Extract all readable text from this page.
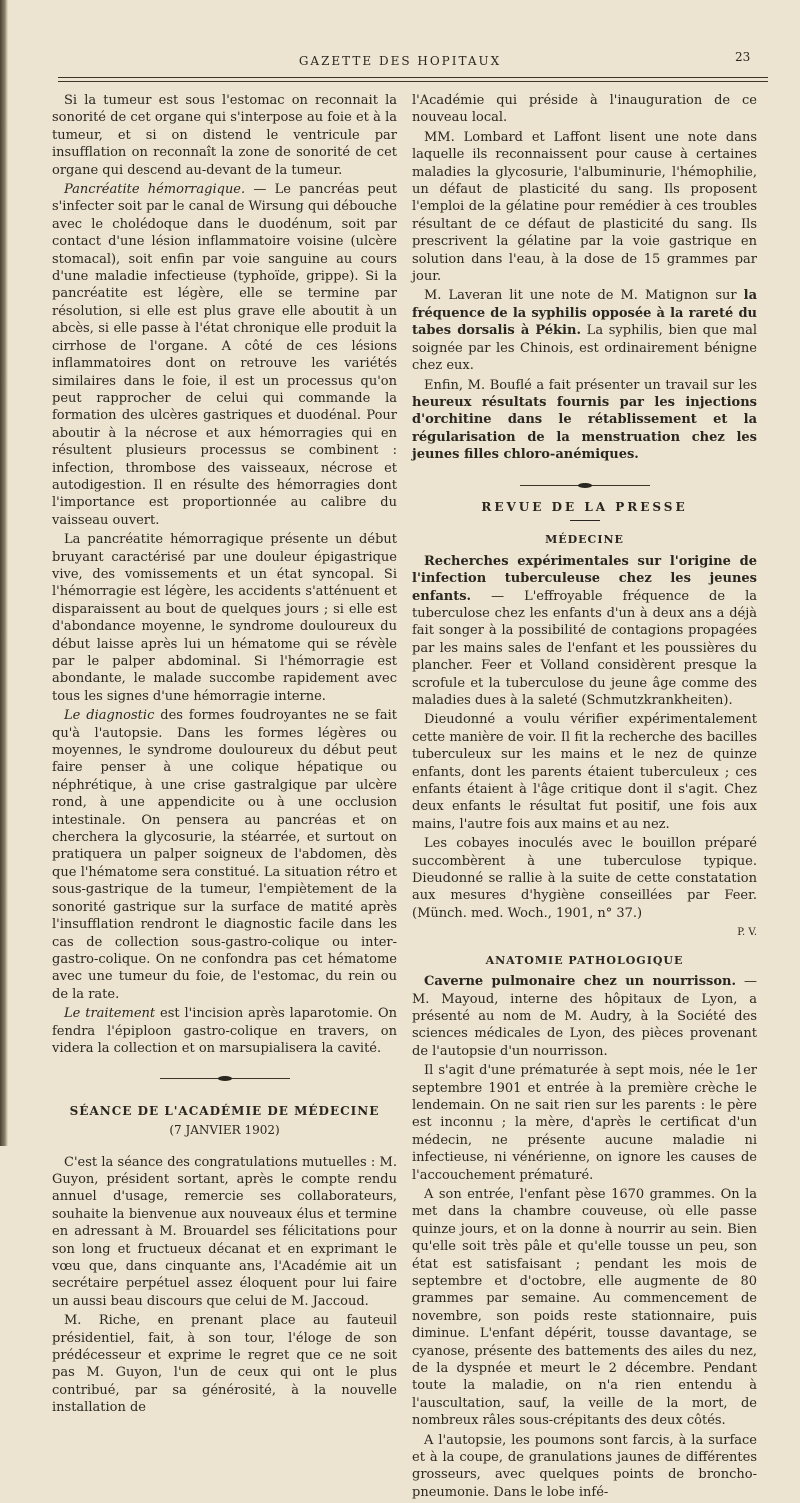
GAZETTE DES HOPITAUX	23

Si la tumeur est sous l'estomac on reconnait la sonorité de cet organe qui s'interpose au foie et à la tumeur, et si on distend le ventricule par insufflation on reconnaît la zone de sonorité de cet organe qui descend au-devant de la tumeur.

Pancréatite hémorragique. — Le pancréas peut s'infecter soit par le canal de Wirsung qui débouche avec le cholédoque dans le duodénum, soit par contact d'une lésion inflammatoire voisine (ulcère stomacal), soit enfin par voie sanguine au cours d'une maladie infectieuse (typhoïde, grippe). Si la pancréatite est légère, elle se termine par résolution, si elle est plus grave elle aboutit à un abcès, si elle passe à l'état chronique elle produit la cirrhose de l'organe. A côté de ces lésions inflammatoires dont on retrouve les variétés similaires dans le foie, il est un processus qu'on peut rapprocher de celui qui commande la formation des ulcères gastriques et duodénal. Pour aboutir à la nécrose et aux hémorragies qui en résultent plusieurs processus se combinent : infection, thrombose des vaisseaux, nécrose et autodigestion. Il en résulte des hémorragies dont l'importance est proportionnée au calibre du vaisseau ouvert.

La pancréatite hémorragique présente un début bruyant caractérisé par une douleur épigastrique vive, des vomissements et un état syncopal. Si l'hémorragie est légère, les accidents s'atténuent et disparaissent au bout de quelques jours ; si elle est d'abondance moyenne, le syndrome douloureux du début laisse après lui un hématome qui se révèle par le palper abdominal. Si l'hémorragie est abondante, le malade succombe rapidement avec tous les signes d'une hémorragie interne.

Le diagnostic des formes foudroyantes ne se fait qu'à l'autopsie. Dans les formes légères ou moyennes, le syndrome douloureux du début peut faire penser à une colique hépatique ou néphrétique, à une crise gastralgique par ulcère rond, à une appendicite ou à une occlusion intestinale. On pensera au pancréas et on cherchera la glycosurie, la stéarrée, et surtout on pratiquera un palper soigneux de l'abdomen, dès que l'hématome sera constitué. La situation rétro et sous-gastrique de la tumeur, l'empiètement de la sonorité gastrique sur la surface de matité après l'insufflation rendront le diagnostic facile dans les cas de collection sous-gastro-colique ou inter-gastro-colique. On ne confondra pas cet hématome avec une tumeur du foie, de l'estomac, du rein ou de la rate.

Le traitement est l'incision après laparotomie. On fendra l'épiploon gastro-colique en travers, on videra la collection et on marsupialisera la cavité.

SÉANCE DE L'ACADÉMIE DE MÉDECINE
(7 JANVIER 1902)

C'est la séance des congratulations mutuelles : M. Guyon, président sortant, après le compte rendu annuel d'usage, remercie ses collaborateurs, souhaite la bienvenue aux nouveaux élus et termine en adressant à M. Brouardel ses félicitations pour son long et fructueux décanat et en exprimant le vœu que, dans cinquante ans, l'Académie ait un secrétaire perpétuel assez éloquent pour lui faire un aussi beau discours que celui de M. Jaccoud.

M. Riche, en prenant place au fauteuil présidentiel, fait, à son tour, l'éloge de son prédécesseur et exprime le regret que ce ne soit pas M. Guyon, l'un de ceux qui ont le plus contribué, par sa générosité, à la nouvelle installation de

l'Académie qui préside à l'inauguration de ce nouveau local.

MM. Lombard et Laffont lisent une note dans laquelle ils reconnaissent pour cause à certaines maladies la glycosurie, l'albuminurie, l'hémophilie, un défaut de plasticité du sang. Ils proposent l'emploi de la gélatine pour remédier à ces troubles résultant de ce défaut de plasticité du sang. Ils prescrivent la gélatine par la voie gastrique en solution dans l'eau, à la dose de 15 grammes par jour.

M. Laveran lit une note de M. Matignon sur la fréquence de la syphilis opposée à la rareté du tabes dorsalis à Pékin. La syphilis, bien que mal soignée par les Chinois, est ordinairement bénigne chez eux.

Enfin, M. Bouflé a fait présenter un travail sur les heureux résultats fournis par les injections d'orchitine dans le rétablissement et la régularisation de la menstruation chez les jeunes filles chloro-anémiques.

REVUE DE LA PRESSE
MÉDECINE

Recherches expérimentales sur l'origine de l'infection tuberculeuse chez les jeunes enfants. — L'effroyable fréquence de la tuberculose chez les enfants d'un à deux ans a déjà fait songer à la possibilité de contagions propagées par les mains sales de l'enfant et les poussières du plancher. Feer et Volland considèrent presque la scrofule et la tuberculose du jeune âge comme des maladies dues à la saleté (Schmutzkrankheiten).

Dieudonné a voulu vérifier expérimentalement cette manière de voir. Il fit la recherche des bacilles tuberculeux sur les mains et le nez de quinze enfants, dont les parents étaient tuberculeux ; ces enfants étaient à l'âge critique dont il s'agit. Chez deux enfants le résultat fut positif, une fois aux mains, l'autre fois aux mains et au nez.

Les cobayes inoculés avec le bouillon préparé succombèrent à une tuberculose typique. Dieudonné se rallie à la suite de cette constatation aux mesures d'hygiène conseillées par Feer. (Münch. med. Woch., 1901, n° 37.)

P. V.
ANATOMIE PATHOLOGIQUE

Caverne pulmonaire chez un nourrisson. — M. Mayoud, interne des hôpitaux de Lyon, a présenté au nom de M. Audry, à la Société des sciences médicales de Lyon, des pièces provenant de l'autopsie d'un nourrisson.

Il s'agit d'une prématurée à sept mois, née le 1er septembre 1901 et entrée à la première crèche le lendemain. On ne sait rien sur les parents : le père est inconnu ; la mère, d'après le certificat d'un médecin, ne présente aucune maladie ni infectieuse, ni vénérienne, on ignore les causes de l'accouchement prématuré.

A son entrée, l'enfant pèse 1670 grammes. On la met dans la chambre couveuse, où elle passe quinze jours, et on la donne à nourrir au sein. Bien qu'elle soit très pâle et qu'elle tousse un peu, son état est satisfaisant ; pendant les mois de septembre et d'octobre, elle augmente de 80 grammes par semaine. Au commencement de novembre, son poids reste stationnaire, puis diminue. L'enfant dépérit, tousse davantage, se cyanose, présente des battements des ailes du nez, de la dyspnée et meurt le 2 décembre. Pendant toute la maladie, on n'a rien entendu à l'auscultation, sauf, la veille de la mort, de nombreux râles sous-crépitants des deux côtés.

A l'autopsie, les poumons sont farcis, à la surface et à la coupe, de granulations jaunes de différentes grosseurs, avec quelques points de broncho-pneumonie. Dans le lobe infé-
